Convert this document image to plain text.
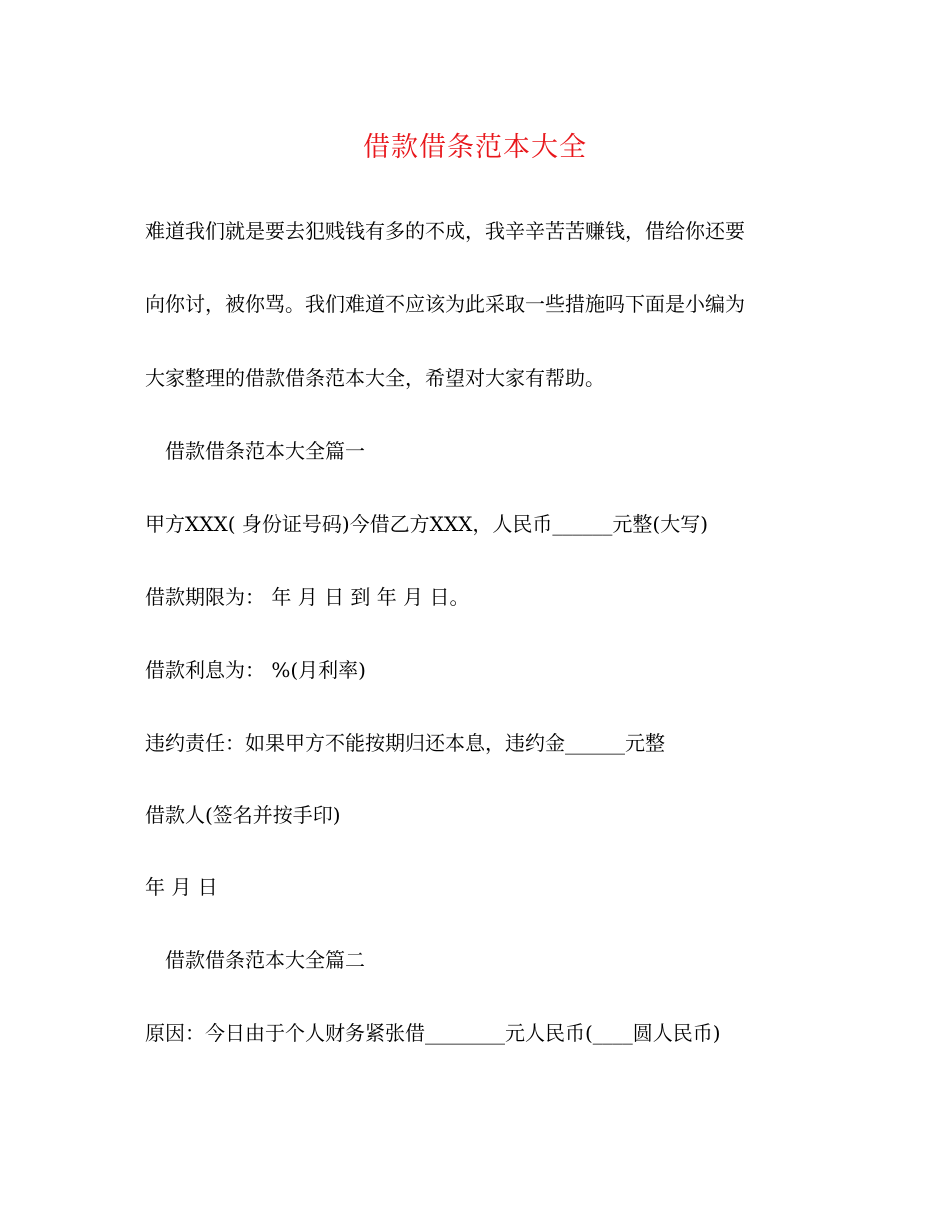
借款借条范本大全
难道我们就是要去犯贱钱有多的不成，我辛辛苦苦赚钱，借给你还要
向你讨，被你骂。我们难道不应该为此采取一些措施吗下面是小编为
大家整理的借款借条范本大全，希望对大家有帮助。
借款借条范本大全篇一
甲方XXX( 身份证号码)今借乙方XXX，人民币______元整(大写)
借款期限为： 年 月 日 到 年 月 日。
借款利息为： %(月利率)
违约责任：如果甲方不能按期归还本息，违约金______元整
借款人(签名并按手印)
年 月 日
借款借条范本大全篇二
原因：今日由于个人财务紧张借________元人民币(____圆人民币)
